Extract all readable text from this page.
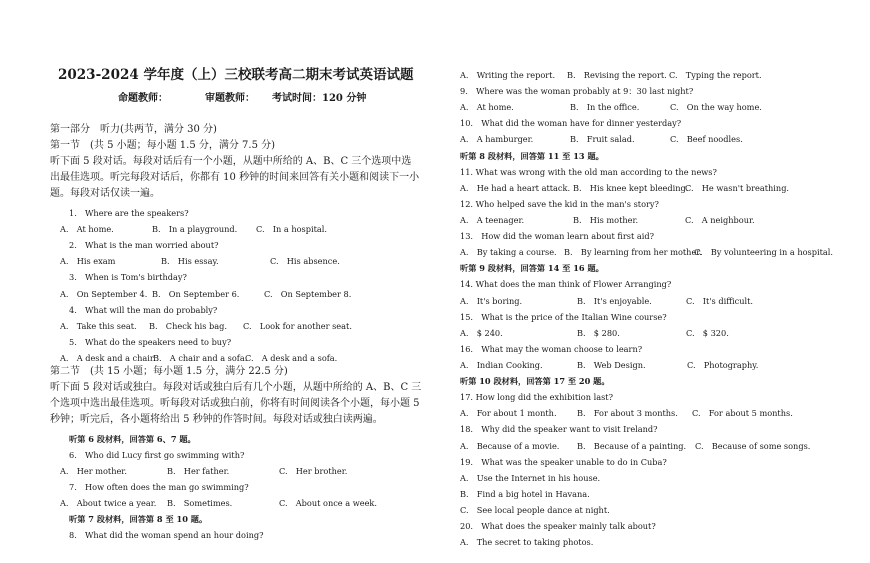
2023-2024 学年度（上）三校联考高二期末考试英语试题
命题教师：	审题教师： 考试时间：120 分钟
第一部分　听力(共两节，满分 30 分)
第一节　(共 5 小题；每小题 1.5 分，满分 7.5 分)
听下面 5 段对话。每段对话后有一个小题，从题中所给的 A、B、C 三个选项中选
出最佳选项。听完每段对话后，你都有 10 秒钟的时间来回答有关小题和阅读下一小
题。每段对话仅读一遍。
1.　Where are the speakers?
A.　At home.	B.　In a playground. C.　In a hospital.
2.　What is the man worried about?
A.　His exam	B.　His essay.	C.　His absence.
3.　When is Tom's birthday?
A.　On September 4. B.　On September 6.	C.　On September 8.
4.　What will the man do probably?
A.　Take this seat. B.　Check his bag. C.　Look for another seat.
5.　What do the speakers need to buy?
A.　A desk and a chair.B.　A chair and a sofa.C.　A desk and a sofa.
第二节　(共 15 小题；每小题 1.5 分，满分 22.5 分)
听下面 5 段对话或独白。每段对话或独白后有几个小题，从题中所给的 A、B、C 三
个选项中选出最佳选项。听每段对话或独白前，你将有时间阅读各个小题，每小题 5
秒钟；听完后，各小题将给出 5 秒钟的作答时间。每段对话或独白读两遍。
听第 6 段材料，回答第 6、7 题。
6.　Who did Lucy first go swimming with?
A.　Her mother.	B.　Her father.	C.　Her brother.
7.　How often does the man go swimming?
A.　About twice a year. B.　Sometimes.	C.　About once a week.
听第 7 段材料，回答第 8 至 10 题。
8.　What did the woman spend an hour doing?
A.　Writing the report. B.　Revising the report. C.　Typing the report.
9.　Where was the woman probably at 9：30 last night?
A.　At home.	B.　In the office.	C.　On the way home.
10.　What did the woman have for dinner yesterday?
A.　A hamburger.	B.　Fruit salad.	C.　Beef noodles.
听第 8 段材料，回答第 11 至 13 题。
11. What was wrong with the old man according to the news?
A.　He had a heart attack. B.　His knee kept bleeding.C.　He wasn't breathing.
12. Who helped save the kid in the man's story?
A.　A teenager.	B.　His mother.	C.　A neighbour.
13.　How did the woman learn about first aid?
A.　By taking a course. B.　By learning from her mother.C.　By volunteering in a hospital.
听第 9 段材料，回答第 14 至 16 题。
14. What does the man think of Flower Arranging?
A.　It's boring.	B.　It's enjoyable.	C.　It's difficult.
15.　What is the price of the Italian Wine course?
A.　$ 240.	B.　$ 280.	C.　$ 320.
16.　What may the woman choose to learn?
A.　Indian Cooking.	B.　Web Design.	C.　Photography.
听第 10 段材料，回答第 17 至 20 题。
17. How long did the exhibition last?
A.　For about 1 month. B.　For about 3 months. C.　For about 5 months.
18.　Why did the speaker want to visit Ireland?
A.　Because of a movie. B.　Because of a painting. C.　Because of some songs.
19.　What was the speaker unable to do in Cuba?
A.　Use the Internet in his house.
B.　Find a big hotel in Havana.
C.　See local people dance at night.
20.　What does the speaker mainly talk about?
A.　The secret to taking photos.
